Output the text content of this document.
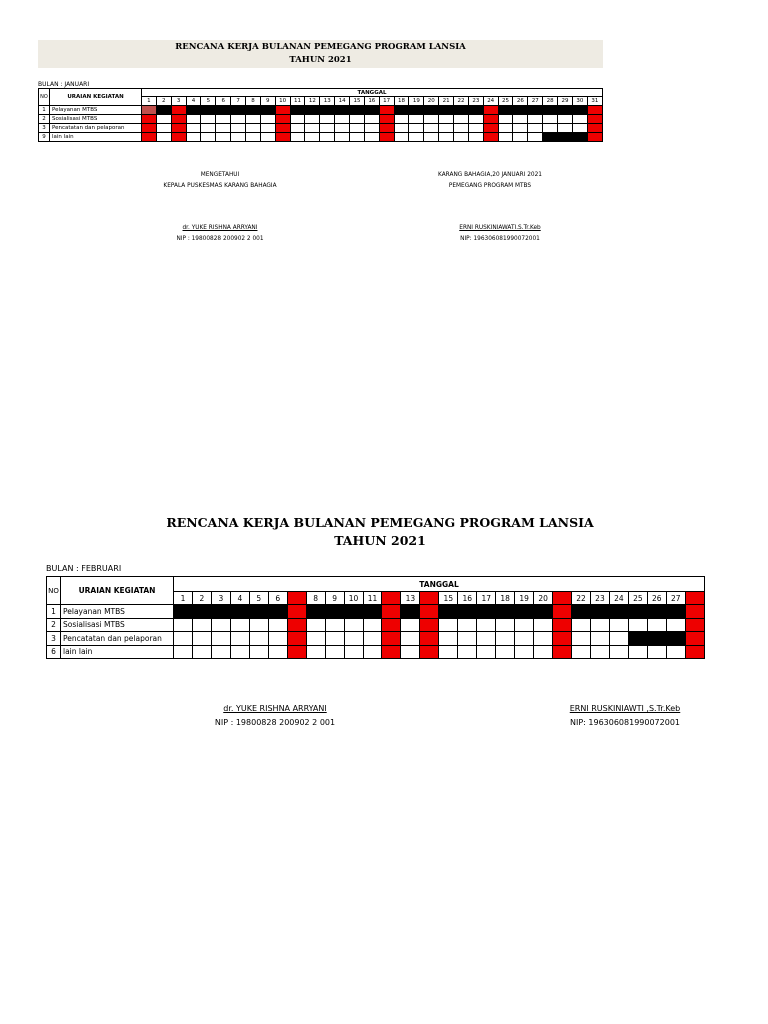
RENCANA KERJA BULANAN PEMEGANG PROGRAM LANSIA
TAHUN 2021
BULAN : JANUARI
NO	URAIAN KEGIATAN	TANGGAL																														
		1	2	3	4	5	6	7	8	9	10	11	12	13	14	15	16	17	18	19	20	21	22	23	24	25	26	27	28	29	30	31
1	Pelayanan MTBS																															
2	Sosialisasi MTBS																															
3	Pencatatan dan pelaporan																															
9	lain lain																															
MENGETAHUI
KEPALA PUSKESMAS KARANG BAHAGIA
KARANG BAHAGIA,20 JANUARI 2021
PEMEGANG PROGRAM MTBS
dr. YUKE RISHNA ARRYANI
NIP : 19800828 200902 2 001
ERNI RUSKINIAWATI.S.Tr.Keb
NIP: 196306081990072001
RENCANA KERJA BULANAN PEMEGANG PROGRAM LANSIA
TAHUN 2021
BULAN : FEBRUARI
NO	URAIAN KEGIATAN	TANGGAL																											
		1	2	3	4	5	6	7	8	9	10	11	12	13	14	15	16	17	18	19	20	21	22	23	24	25	26	27	28
1	Pelayanan MTBS																												
2	Sosialisasi MTBS																												
3	Pencatatan dan pelaporan																												
6	lain lain																												
dr. YUKE RISHNA ARRYANI
NIP : 19800828 200902 2 001
ERNI RUSKINIAWTI ,S.Tr.Keb
NIP: 196306081990072001
